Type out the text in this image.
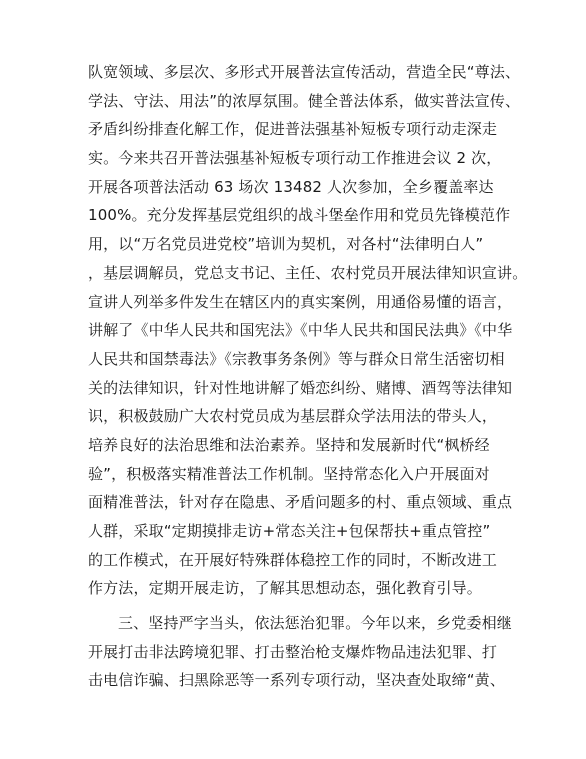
队宽领域、多层次、多形式开展普法宣传活动，营造全民“尊法、
学法、守法、用法”的浓厚氛围。健全普法体系，做实普法宣传、
矛盾纠纷排查化解工作，促进普法强基补短板专项行动走深走
实。今来共召开普法强基补短板专项行动工作推进会议 2 次，
开展各项普法活动 63 场次 13482 人次参加，全乡覆盖率达
100%。充分发挥基层党组织的战斗堡垒作用和党员先锋模范作
用，以“万名党员进党校”培训为契机，对各村“法律明白人”
，基层调解员，党总支书记、主任、农村党员开展法律知识宣讲。
宣讲人列举多件发生在辖区内的真实案例，用通俗易懂的语言，
讲解了《中华人民共和国宪法》《中华人民共和国民法典》《中华
人民共和国禁毒法》《宗教事务条例》等与群众日常生活密切相
关的法律知识，针对性地讲解了婚恋纠纷、赌博、酒驾等法律知
识，积极鼓励广大农村党员成为基层群众学法用法的带头人，
培养良好的法治思维和法治素养。坚持和发展新时代“枫桥经
验”，积极落实精准普法工作机制。坚持常态化入户开展面对
面精准普法，针对存在隐患、矛盾问题多的村、重点领域、重点
人群，采取“定期摸排走访+常态关注+包保帮扶+重点管控”
的工作模式，在开展好特殊群体稳控工作的同时，不断改进工
作方法，定期开展走访，了解其思想动态，强化教育引导。
三、坚持严字当头，依法惩治犯罪。今年以来，乡党委相继
开展打击非法跨境犯罪、打击整治枪支爆炸物品违法犯罪、打
击电信诈骗、扫黑除恶等一系列专项行动，坚决查处取缔“黄、
